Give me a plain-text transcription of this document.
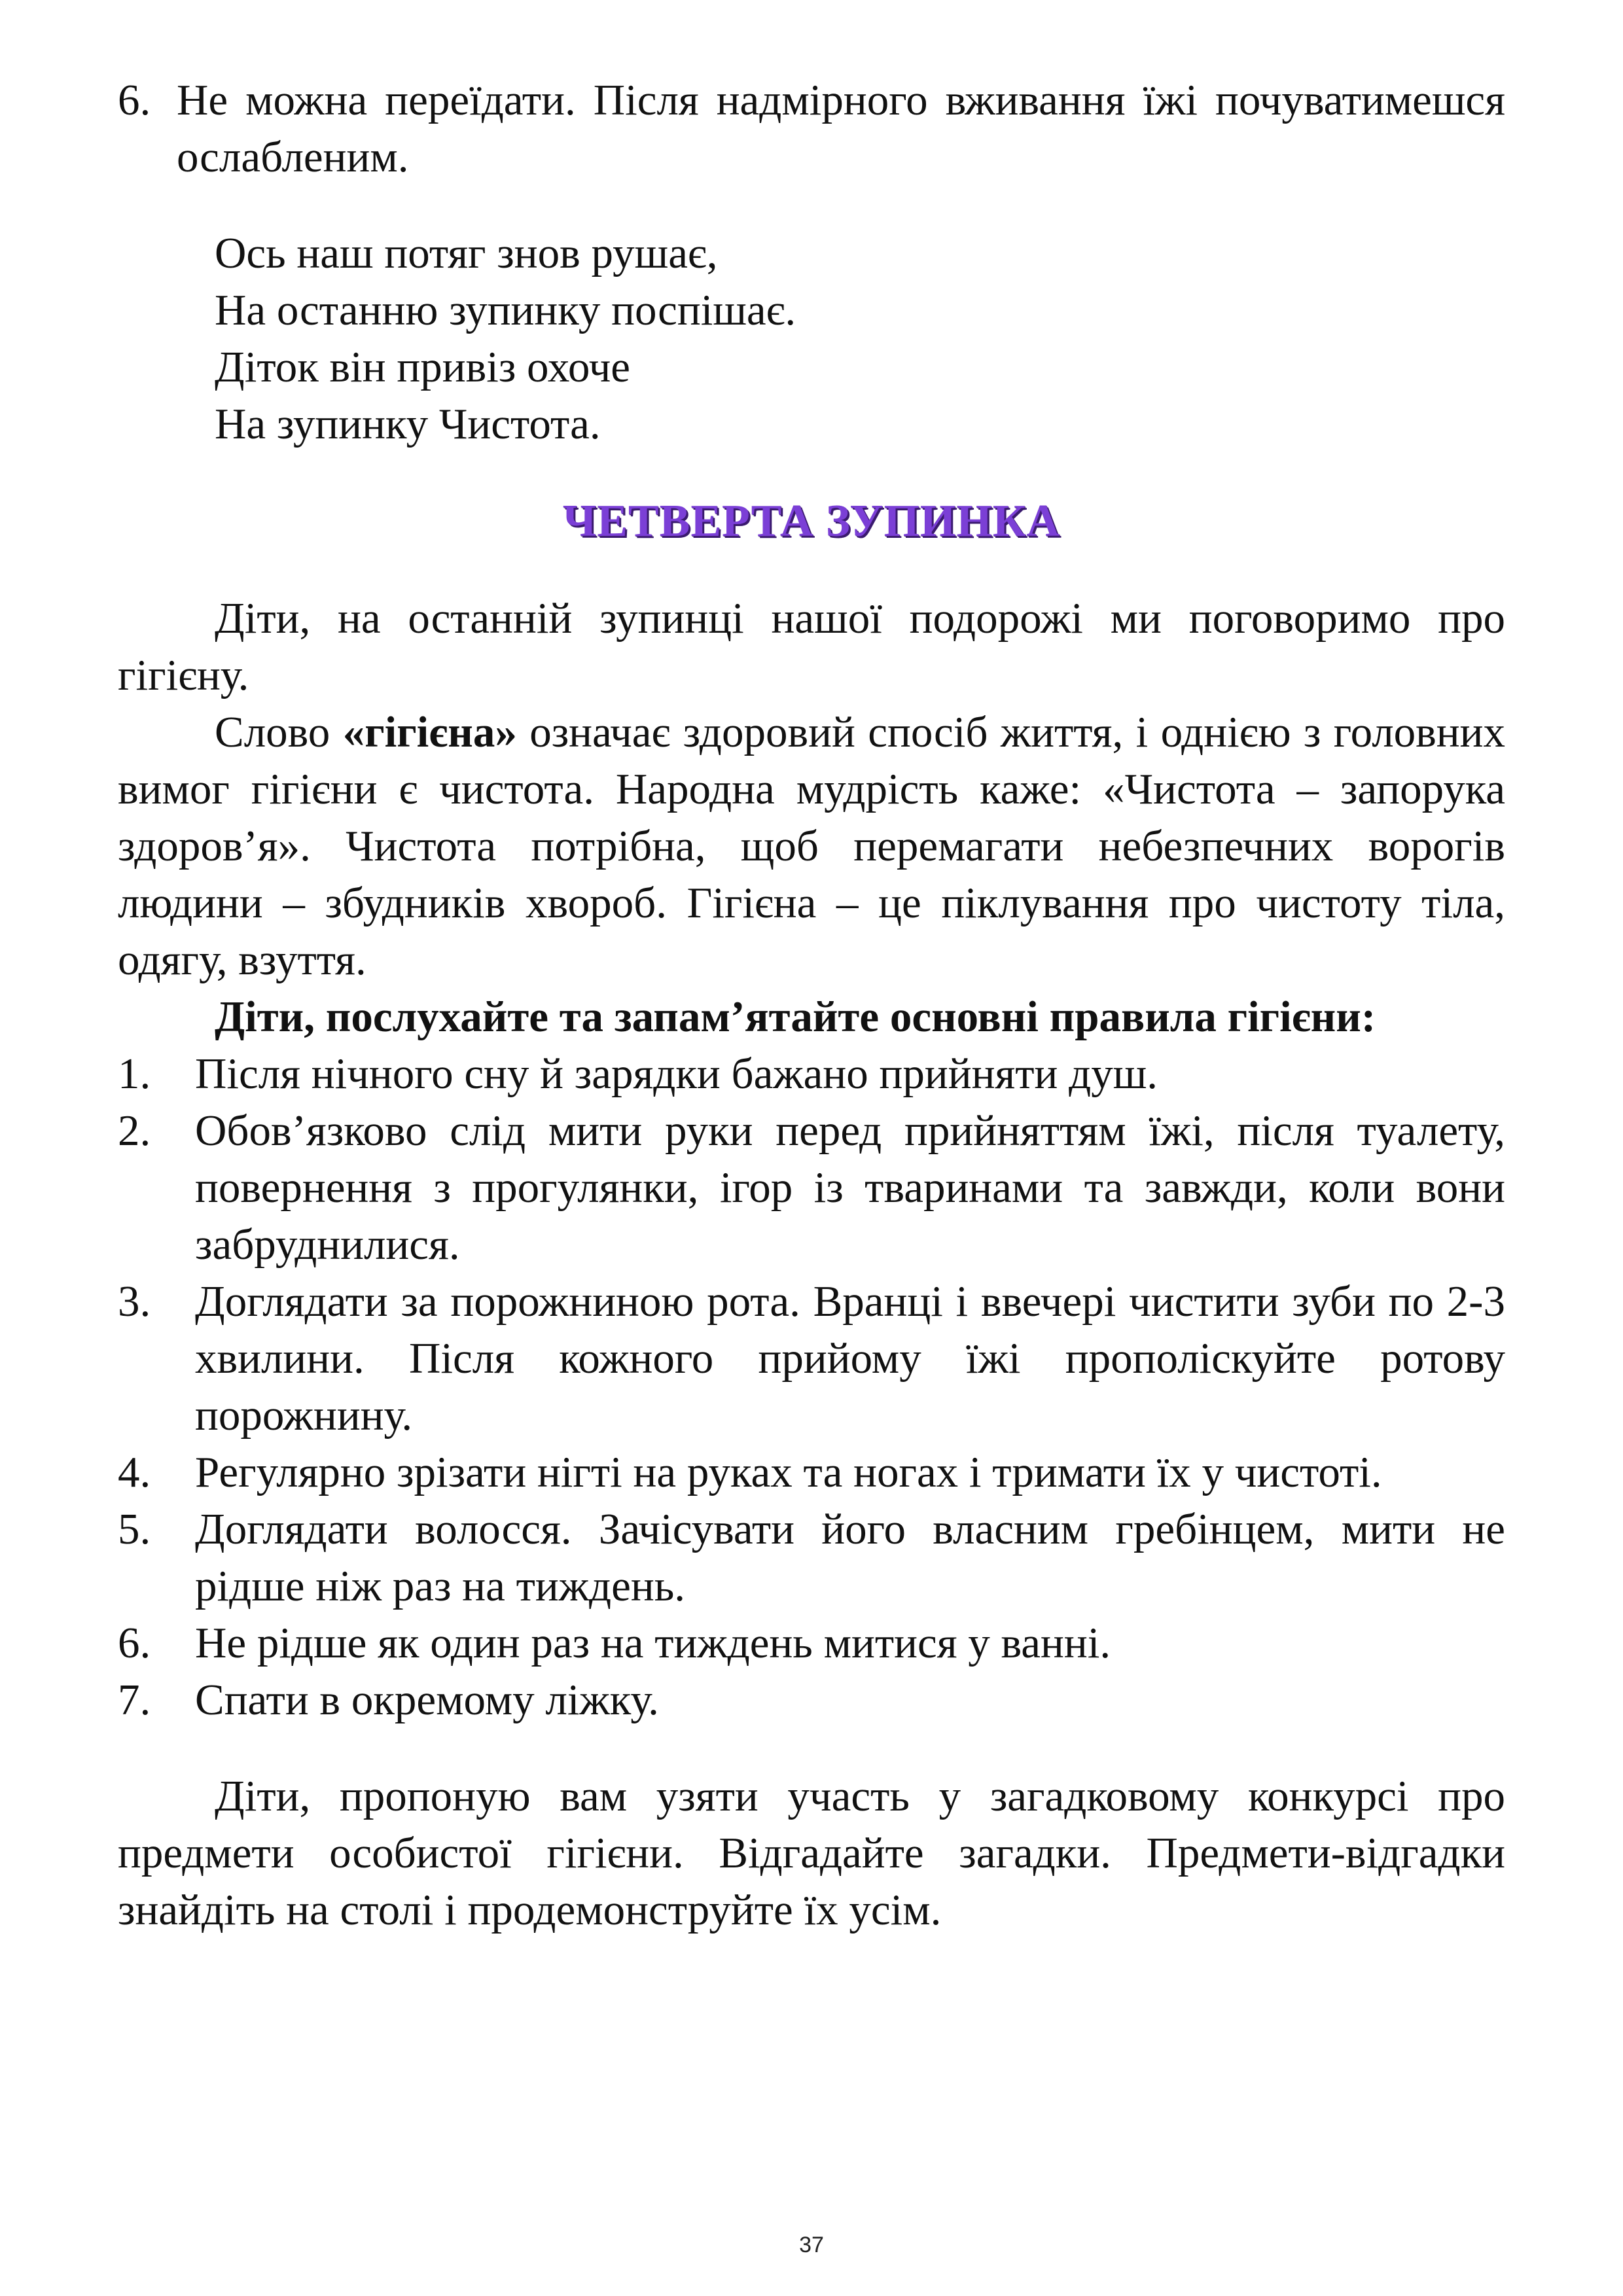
6. Не можна переїдати. Після надмірного вживання їжі почуватимешся ослабленим.
Ось наш потяг знов рушає,
На останню зупинку поспішає.
Діток він привіз охоче
На зупинку Чистота.
ЧЕТВЕРТА ЗУПИНКА

Діти, на останній зупинці нашої подорожі ми поговоримо про гігієну.

Слово «гігієна» означає здоровий спосіб життя, і однією з головних вимог гігієни є чистота. Народна мудрість каже: «Чистота – запорука здоров’я». Чистота потрібна, щоб перемагати небезпечних ворогів людини – збудників хвороб. Гігієна – це піклування про чистоту тіла, одягу, взуття.

Діти, послухайте та запам’ятайте основні правила гігієни:

1.	Після нічного сну й зарядки бажано прийняти душ.
2.	Обов’язково слід мити руки перед прийняттям їжі, після туалету, повернення з прогулянки, ігор із тваринами та завжди, коли вони забруднилися.
3.	Доглядати за порожниною рота. Вранці і ввечері чистити зуби по 2-3 хвилини. Після кожного прийому їжі прополіскуйте ротову порожнину.
4.	Регулярно зрізати нігті на руках та ногах і тримати їх у чистоті.
5.	Доглядати волосся. Зачісувати його власним гребінцем, мити не рідше ніж раз на тиждень.
6.	Не рідше як один раз на тиждень митися у ванні.
7.	Спати в окремому ліжку.

Діти, пропоную вам узяти участь у загадковому конкурсі про предмети особистої гігієни. Відгадайте загадки. Предмети-відгадки знайдіть на столі і продемонструйте їх усім.

37
